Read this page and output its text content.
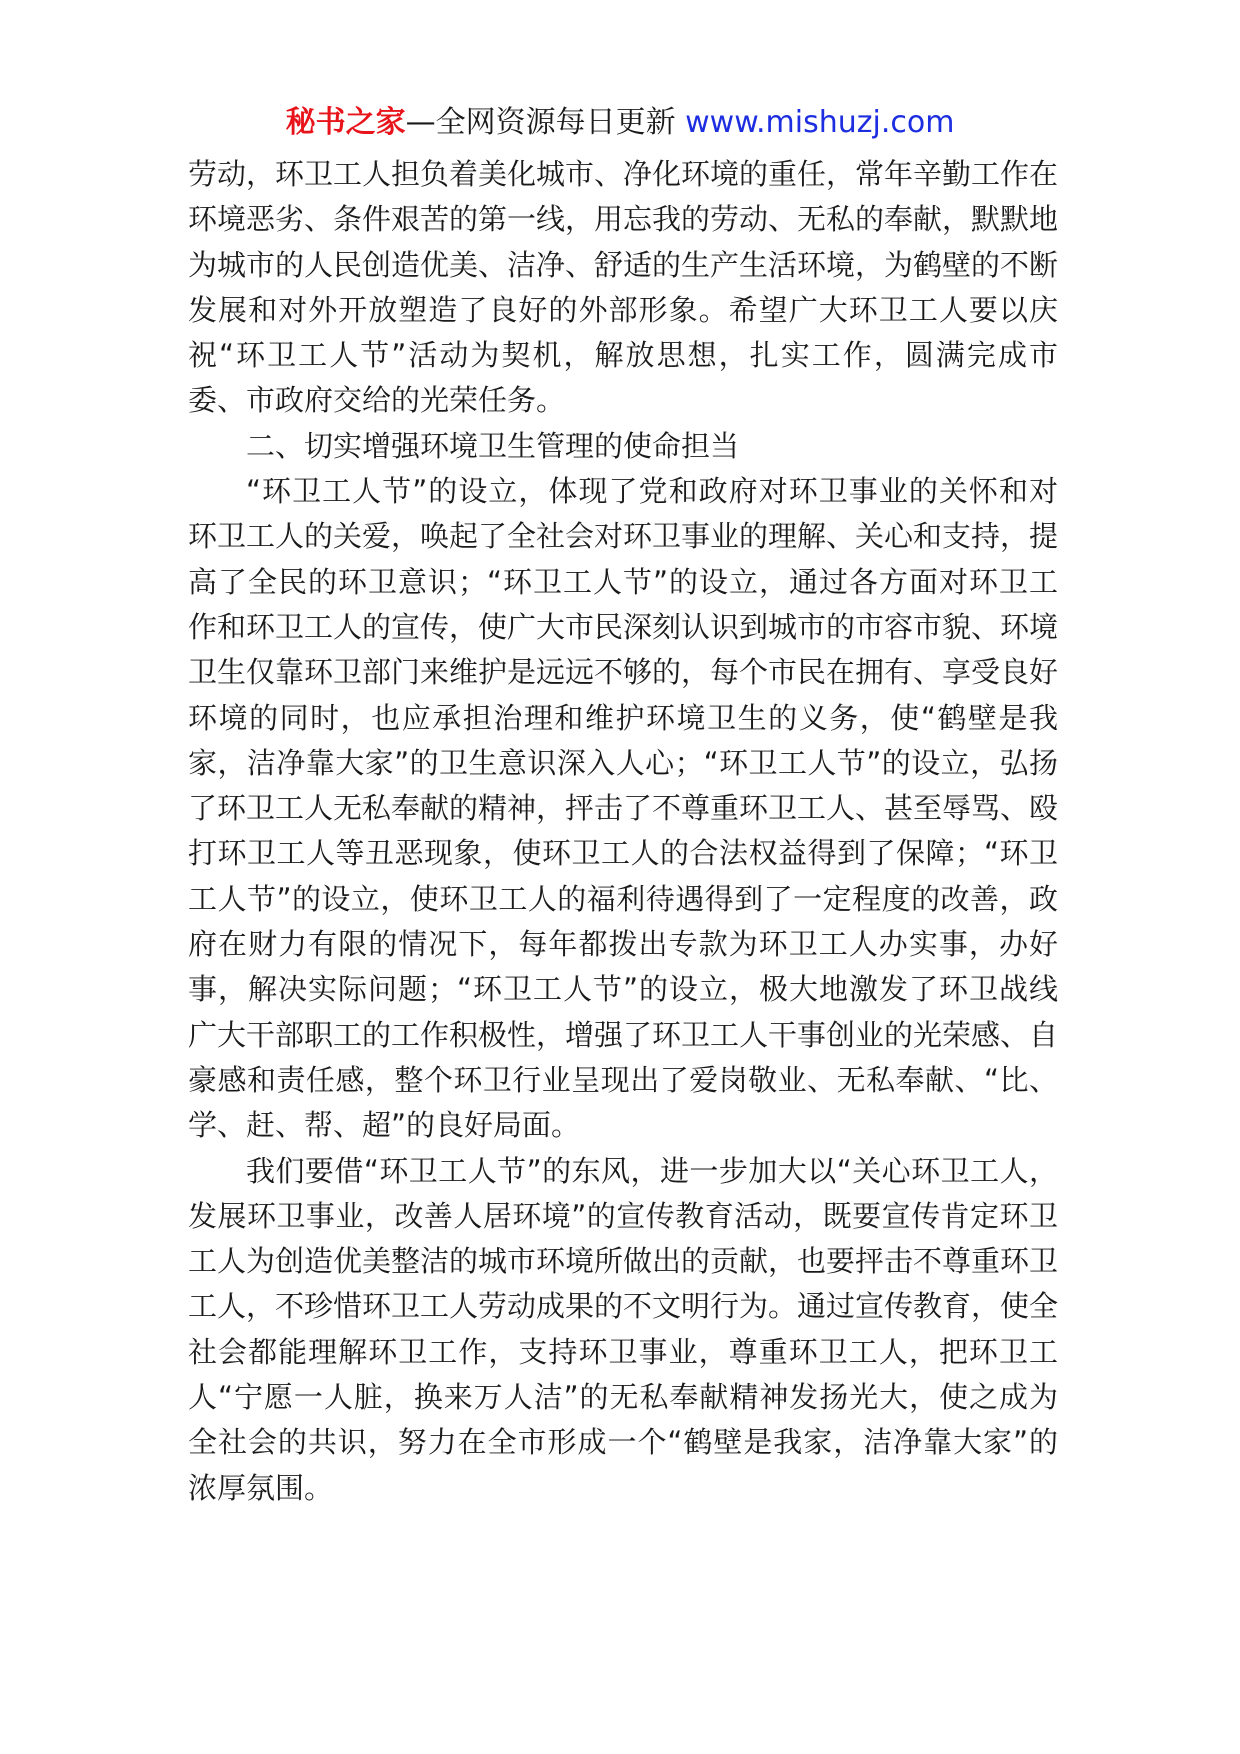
秘书之家—全网资源每日更新 www.mishuzj.com

劳动，环卫工人担负着美化城市、净化环境的重任，常年辛勤工作在环境恶劣、条件艰苦的第一线，用忘我的劳动、无私的奉献，默默地为城市的人民创造优美、洁净、舒适的生产生活环境，为鹤壁的不断发展和对外开放塑造了良好的外部形象。希望广大环卫工人要以庆祝“环卫工人节”活动为契机，解放思想，扎实工作，圆满完成市委、市政府交给的光荣任务。

二、切实增强环境卫生管理的使命担当

“环卫工人节”的设立，体现了党和政府对环卫事业的关怀和对环卫工人的关爱，唤起了全社会对环卫事业的理解、关心和支持，提高了全民的环卫意识；“环卫工人节”的设立，通过各方面对环卫工作和环卫工人的宣传，使广大市民深刻认识到城市的市容市貌、环境卫生仅靠环卫部门来维护是远远不够的，每个市民在拥有、享受良好环境的同时，也应承担治理和维护环境卫生的义务，使“鹤壁是我家，洁净靠大家”的卫生意识深入人心；“环卫工人节”的设立，弘扬了环卫工人无私奉献的精神，抨击了不尊重环卫工人、甚至辱骂、殴打环卫工人等丑恶现象，使环卫工人的合法权益得到了保障；“环卫工人节”的设立，使环卫工人的福利待遇得到了一定程度的改善，政府在财力有限的情况下，每年都拨出专款为环卫工人办实事，办好事，解决实际问题；“环卫工人节”的设立，极大地激发了环卫战线广大干部职工的工作积极性，增强了环卫工人干事创业的光荣感、自豪感和责任感，整个环卫行业呈现出了爱岗敬业、无私奉献、“比、学、赶、帮、超”的良好局面。

我们要借“环卫工人节”的东风，进一步加大以“关心环卫工人，发展环卫事业，改善人居环境”的宣传教育活动，既要宣传肯定环卫工人为创造优美整洁的城市环境所做出的贡献，也要抨击不尊重环卫工人，不珍惜环卫工人劳动成果的不文明行为。通过宣传教育，使全社会都能理解环卫工作，支持环卫事业，尊重环卫工人，把环卫工人“宁愿一人脏，换来万人洁”的无私奉献精神发扬光大，使之成为全社会的共识，努力在全市形成一个“鹤壁是我家，洁净靠大家”的浓厚氛围。
